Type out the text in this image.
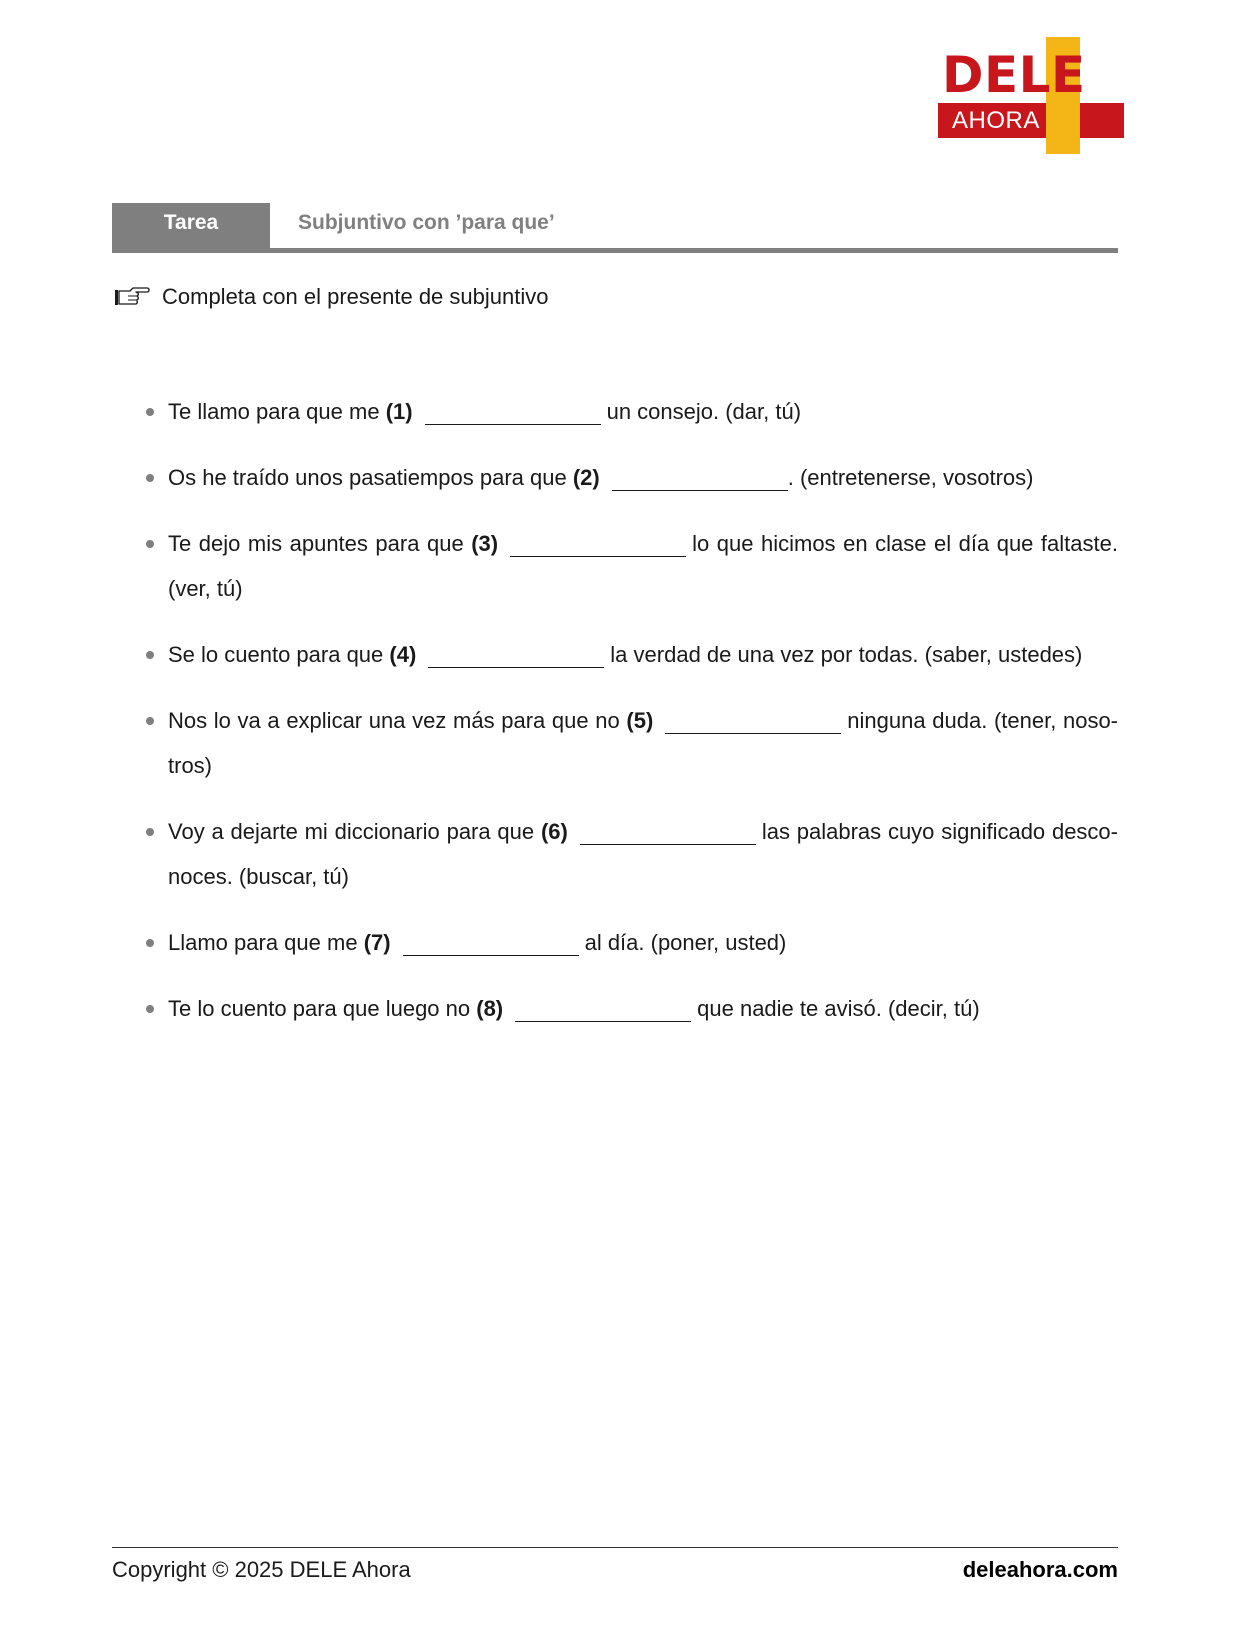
DELE
AHORA
Tarea	Subjuntivo con ’para que’
Completa con el presente de subjuntivo
Te llamo para que me (1)	un consejo. (dar, tú)
Os he traído unos pasatiempos para que (2)	. (entretenerse, vosotros)
Te dejo mis apuntes para que (3)	lo que hicimos en clase el día que faltaste. (ver, tú)
Se lo cuento para que (4)	la verdad de una vez por todas. (saber, ustedes)
Nos lo va a explicar una vez más para que no (5)	ninguna duda. (tener, noso-tros)
Voy a dejarte mi diccionario para que (6)	las palabras cuyo significado desco-noces. (buscar, tú)
Llamo para que me (7)	al día. (poner, usted)
Te lo cuento para que luego no (8)	que nadie te avisó. (decir, tú)
Copyright © 2025 DELE Ahora	deleahora.com
